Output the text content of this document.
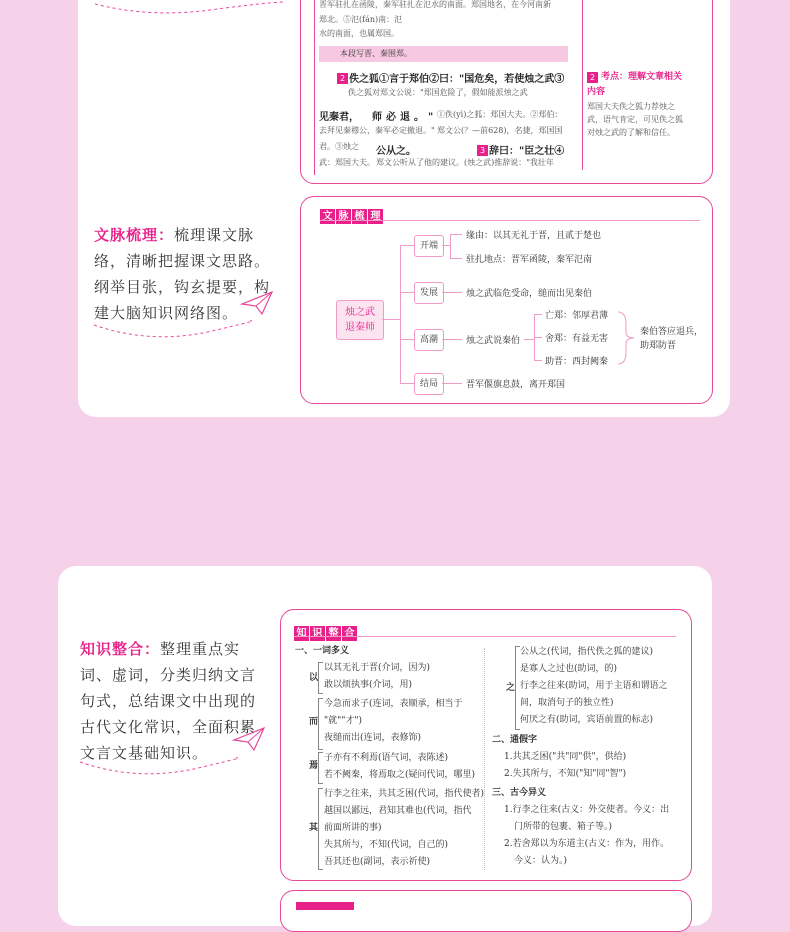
晋军驻扎在函陵，秦军驻扎在氾水的南面。郑国地名，在今河南新
郑北。⑤氾(fán)南：氾
水的南面，也属郑国。
本段写晋、秦围郑。
2 佚之狐①言于郑伯②曰："国危矣，若使烛之武③
佚之狐对郑文公说："郑国危险了，假如能派烛之武
见秦君， 师必退。" ①佚(yì)之狐：郑国大夫。②郑伯：
去拜见秦穆公，秦军必定撤退。" 郑文公(？—前628)，名捷，郑国国
君。③烛之 公从之。	3 辞曰："臣之壮④
武：郑国大夫。 郑文公听从了他的建议。(烛之武)推辞说："我壮年
2 考点：理解文章相关内容
郑国大夫佚之狐力荐烛之武，语气肯定，可见佚之狐对烛之武的了解和信任。
文脉梳理：梳理课文脉络，清晰把握课文思路。纲举目张，钩玄提要，构建大脑知识网络图。
文 脉 梳 理
烛之武退秦师
开端
发展
高潮
结局
缘由：以其无礼于晋，且贰于楚也
驻扎地点：晋军函陵，秦军氾南
烛之武临危受命，缒而出见秦伯
烛之武说秦伯
亡郑：邻厚君薄
舍郑：有益无害
助晋：西封阙秦
秦伯答应退兵，
助郑防晋
晋军偃旗息鼓，离开郑国
知识整合：整理重点实词、虚词，分类归纳文言句式，总结课文中出现的古代文化常识，全面积累文言文基础知识。
知 识 整 合
一、一词多义
以
以其无礼于晋(介词，因为)
敢以烦执事(介词，用)
而
今急而求子(连词，表顺承，相当于
"就""才")
夜缒而出(连词，表修饰)
焉
子亦有不利焉(语气词，表陈述)
若不阙秦，将焉取之(疑问代词，哪里)
其
行李之往来，共其乏困(代词，指代使者)
越国以鄙远，君知其难也(代词，指代
前面所讲的事)
失其所与，不知(代词，自己的)
吾其还也(副词，表示祈使)
之
公从之(代词，指代佚之狐的建议)
是寡人之过也(助词，的)
行李之往来(助词，用于主语和谓语之
间，取消句子的独立性)
何厌之有(助词，宾语前置的标志)
二、通假字
1.共其乏困("共"同"供"，供给)
2.失其所与，不知("知"同"智")
三、古今异义
1.行李之往来(古义：外交使者。今义：出
门所带的包裹、箱子等。)
2.若舍郑以为东道主(古义：作为，用作。
今义：认为。)
